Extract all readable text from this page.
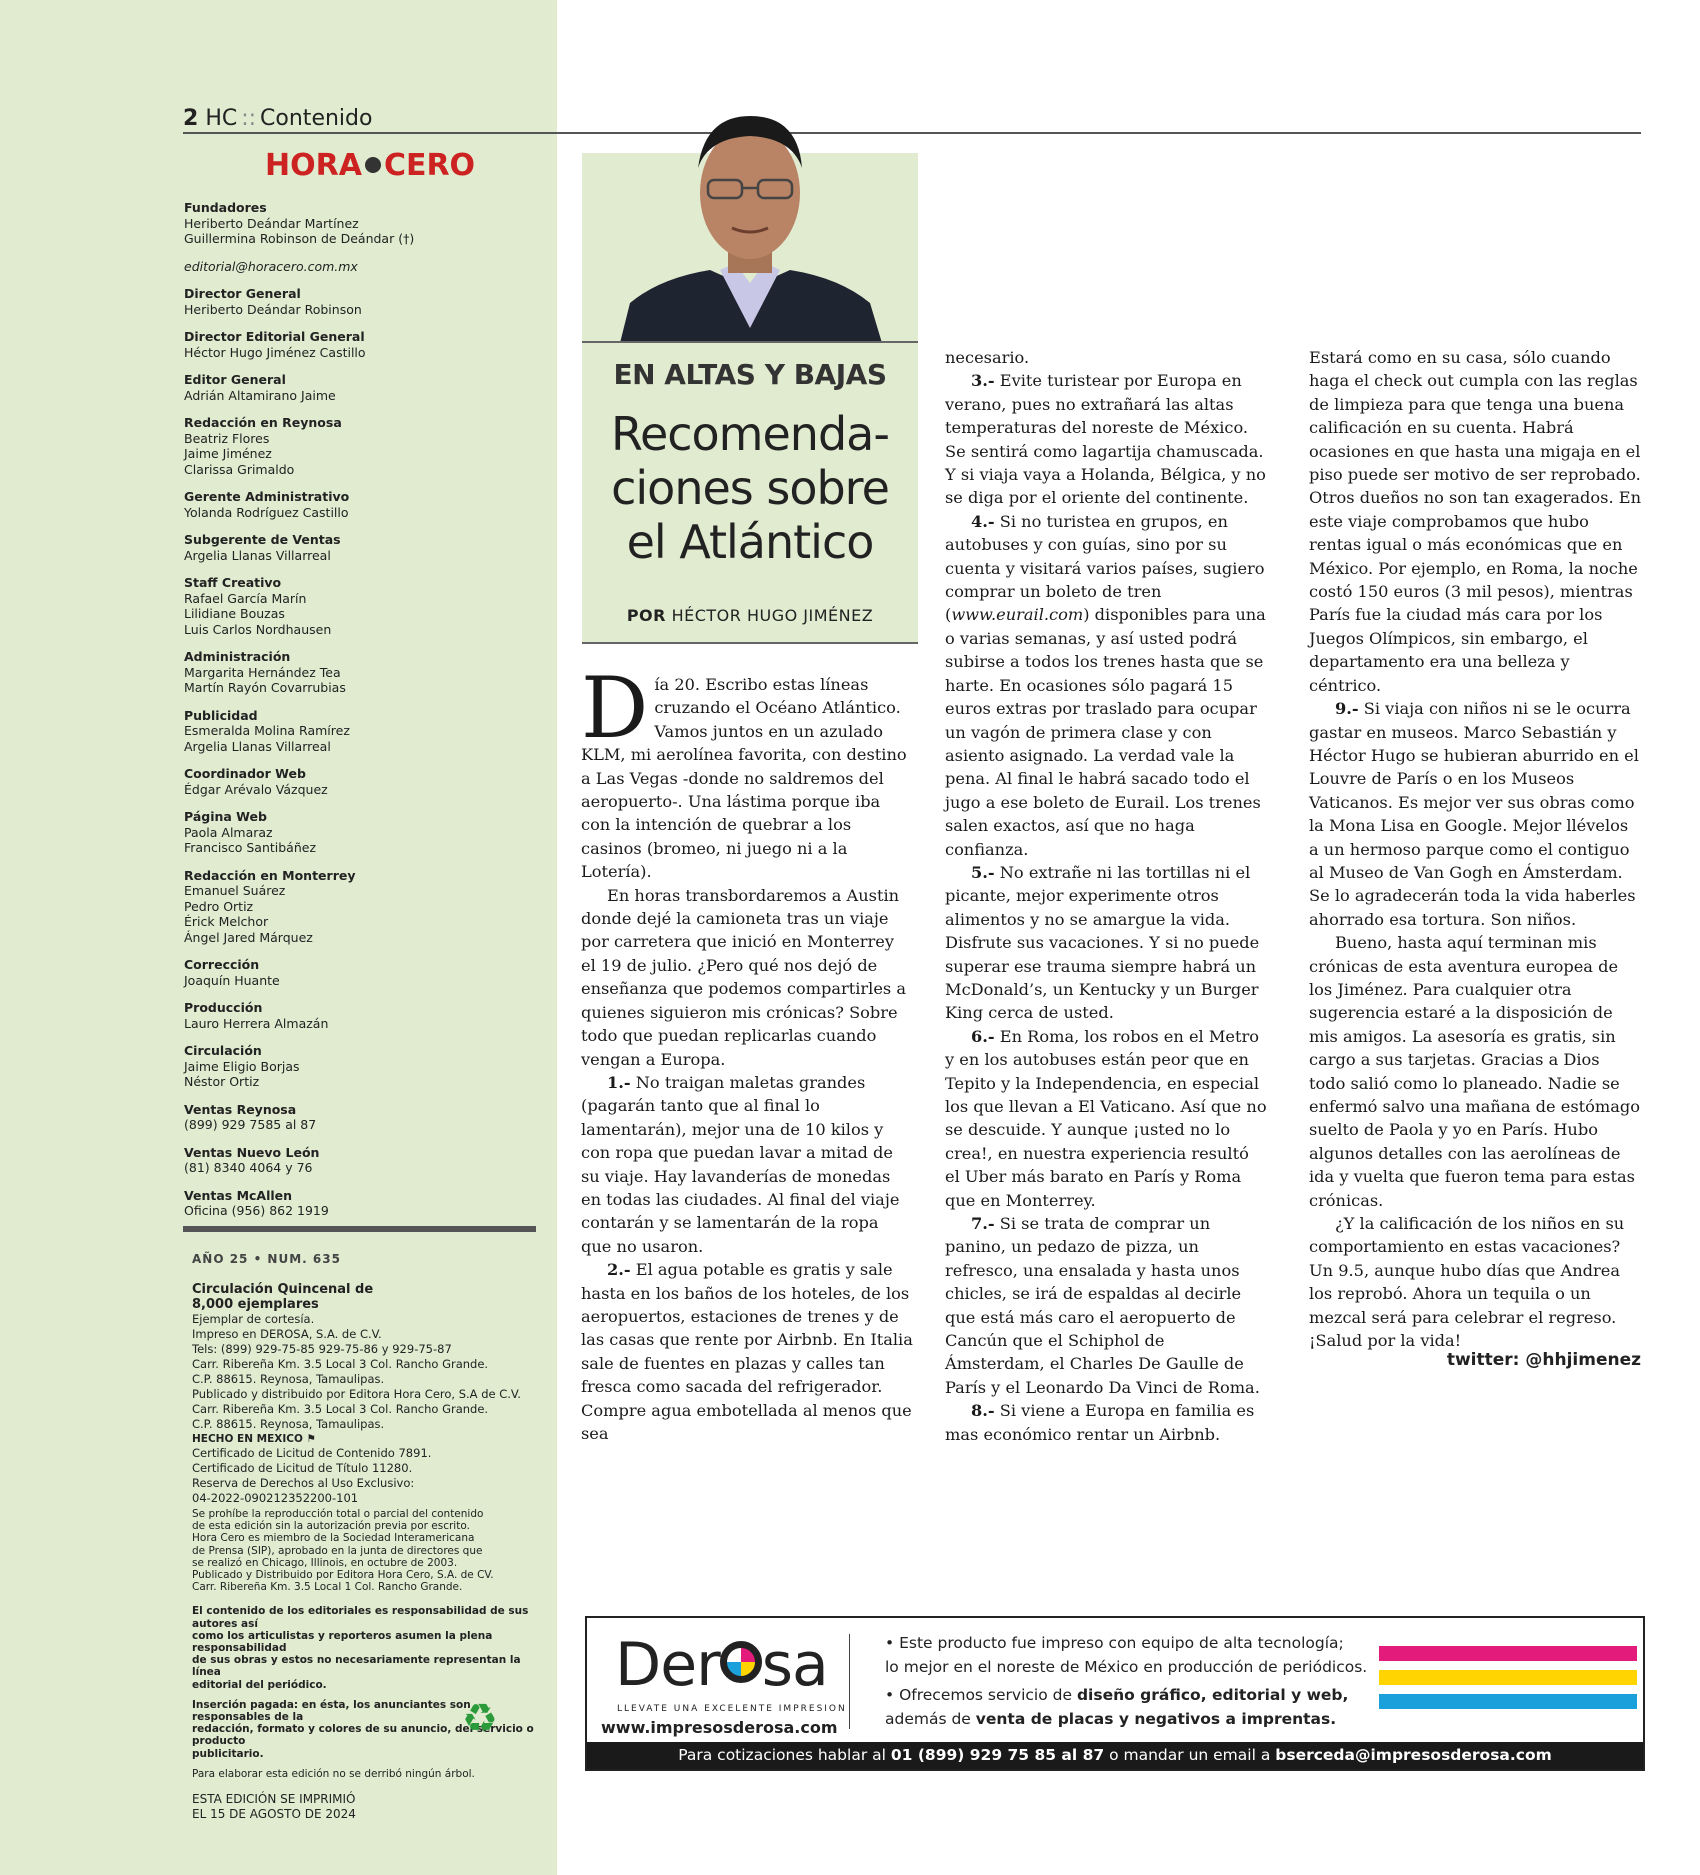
2 HC :: Contenido
HORA CERO
Fundadores
Heriberto Deándar Martínez
Guillermina Robinson de Deándar (†)
editorial@horacero.com.mx
Director General
Heriberto Deándar Robinson
Director Editorial General
Héctor Hugo Jiménez Castillo
Editor General
Adrián Altamirano Jaime
Redacción en Reynosa
Beatriz Flores
Jaime Jiménez
Clarissa Grimaldo
Gerente Administrativo
Yolanda Rodríguez Castillo
Subgerente de Ventas
Argelia Llanas Villarreal
Staff Creativo
Rafael García Marín
Lilidiane Bouzas
Luis Carlos Nordhausen
Administración
Margarita Hernández Tea
Martín Rayón Covarrubias
Publicidad
Esmeralda Molina Ramírez
Argelia Llanas Villarreal
Coordinador Web
Édgar Arévalo Vázquez
Página Web
Paola Almaraz
Francisco Santibáñez
Redacción en Monterrey
Emanuel Suárez
Pedro Ortiz
Érick Melchor
Ángel Jared Márquez
Corrección
Joaquín Huante
Producción
Lauro Herrera Almazán
Circulación
Jaime Eligio Borjas
Néstor Ortiz
Ventas Reynosa
(899) 929 7585 al 87
Ventas Nuevo León
(81) 8340 4064 y 76
Ventas McAllen
Oficina (956) 862 1919
AÑO 25 • NUM. 635
Circulación Quincenal de
8,000 ejemplares
Ejemplar de cortesía.
Impreso en DEROSA, S.A. de C.V.
Tels: (899) 929-75-85 929-75-86 y 929-75-87
Carr. Ribereña Km. 3.5 Local 3 Col. Rancho Grande.
C.P. 88615. Reynosa, Tamaulipas.
Publicado y distribuido por Editora Hora Cero, S.A de C.V.
Carr. Ribereña Km. 3.5 Local 3 Col. Rancho Grande.
C.P. 88615. Reynosa, Tamaulipas.
HECHO EN MEXICO ⚑
Certificado de Licitud de Contenido 7891.
Certificado de Licitud de Título 11280.
Reserva de Derechos al Uso Exclusivo:
04-2022-090212352200-101
Se prohíbe la reproducción total o parcial del contenido
de esta edición sin la autorización previa por escrito.
Hora Cero es miembro de la Sociedad Interamericana
de Prensa (SIP), aprobado en la junta de directores que
se realizó en Chicago, Illinois, en octubre de 2003.
Publicado y Distribuido por Editora Hora Cero, S.A. de CV.
Carr. Ribereña Km. 3.5 Local 1 Col. Rancho Grande.
El contenido de los editoriales es responsabilidad de sus autores así
como los articulistas y reporteros asumen la plena responsabilidad
de sus obras y estos no necesariamente representan la línea
editorial del periódico.
Inserción pagada: en ésta, los anunciantes son responsables de la
redacción, formato y colores de su anuncio, del servicio o producto
publicitario.
Para elaborar esta edición no se derribó ningún árbol.
ESTA EDICIÓN SE IMPRIMIÓ
EL 15 DE AGOSTO DE 2024
♻
EN ALTAS Y BAJAS
Recomenda-
ciones sobre
el Atlántico
POR HÉCTOR HUGO JIMÉNEZ

Día 20. Escribo estas líneas cruzando el Océano Atlántico. Vamos juntos en un azulado KLM, mi aerolínea favorita, con destino a Las Vegas -donde no saldremos del aeropuerto-. Una lástima porque iba con la intención de quebrar a los casinos (bromeo, ni juego ni a la Lotería).

En horas transbordaremos a Austin donde dejé la camioneta tras un viaje por carretera que inició en Monterrey el 19 de julio. ¿Pero qué nos dejó de enseñanza que podemos compartirles a quienes siguieron mis crónicas? Sobre todo que puedan replicarlas cuando vengan a Europa.

1.- No traigan maletas grandes (pagarán tanto que al final lo lamentarán), mejor una de 10 kilos y con ropa que puedan lavar a mitad de su viaje. Hay lavanderías de monedas en todas las ciudades. Al final del viaje contarán y se lamentarán de la ropa que no usaron.

2.- El agua potable es gratis y sale hasta en los baños de los hoteles, de los aeropuertos, estaciones de trenes y de las casas que rente por Airbnb. En Italia sale de fuentes en plazas y calles tan fresca como sacada del refrigerador. Compre agua embotellada al menos que sea

necesario.

3.- Evite turistear por Europa en verano, pues no extrañará las altas temperaturas del noreste de México. Se sentirá como lagartija chamuscada. Y si viaja vaya a Holanda, Bélgica, y no se diga por el oriente del continente.

4.- Si no turistea en grupos, en autobuses y con guías, sino por su cuenta y visitará varios países, sugiero comprar un boleto de tren (www.eurail.com) disponibles para una o varias semanas, y así usted podrá subirse a todos los trenes hasta que se harte. En ocasiones sólo pagará 15 euros extras por traslado para ocupar un vagón de primera clase y con asiento asignado. La verdad vale la pena. Al final le habrá sacado todo el jugo a ese boleto de Eurail. Los trenes salen exactos, así que no haga confianza.

5.- No extrañe ni las tortillas ni el picante, mejor experimente otros alimentos y no se amargue la vida. Disfrute sus vacaciones. Y si no puede superar ese trauma siempre habrá un McDonald’s, un Kentucky y un Burger King cerca de usted.

6.- En Roma, los robos en el Metro y en los autobuses están peor que en Tepito y la Independencia, en especial los que llevan a El Vaticano. Así que no se descuide. Y aunque ¡usted no lo crea!, en nuestra experiencia resultó el Uber más barato en París y Roma que en Monterrey.

7.- Si se trata de comprar un panino, un pedazo de pizza, un refresco, una ensalada y hasta unos chicles, se irá de espaldas al decirle que está más caro el aeropuerto de Cancún que el Schiphol de Ámsterdam, el Charles De Gaulle de París y el Leonardo Da Vinci de Roma.

8.- Si viene a Europa en familia es mas económico rentar un Airbnb.

Estará como en su casa, sólo cuando haga el check out cumpla con las reglas de limpieza para que tenga una buena calificación en su cuenta. Habrá ocasiones en que hasta una migaja en el piso puede ser motivo de ser reprobado. Otros dueños no son tan exagerados. En este viaje comprobamos que hubo rentas igual o más económicas que en México. Por ejemplo, en Roma, la noche costó 150 euros (3 mil pesos), mientras París fue la ciudad más cara por los Juegos Olímpicos, sin embargo, el departamento era una belleza y céntrico.

9.- Si viaja con niños ni se le ocurra gastar en museos. Marco Sebastián y Héctor Hugo se hubieran aburrido en el Louvre de París o en los Museos Vaticanos. Es mejor ver sus obras como la Mona Lisa en Google. Mejor llévelos a un hermoso parque como el contiguo al Museo de Van Gogh en Ámsterdam. Se lo agradecerán toda la vida haberles ahorrado esa tortura. Son niños.

Bueno, hasta aquí terminan mis crónicas de esta aventura europea de los Jiménez. Para cualquier otra sugerencia estaré a la disposición de mis amigos. La asesoría es gratis, sin cargo a sus tarjetas. Gracias a Dios todo salió como lo planeado. Nadie se enfermó salvo una mañana de estómago suelto de Paola y yo en París. Hubo algunos detalles con las aerolíneas de ida y vuelta que fueron tema para estas crónicas.

¿Y la calificación de los niños en su comportamiento en estas vacaciones? Un 9.5, aunque hubo días que Andrea los reprobó. Ahora un tequila o un mezcal será para celebrar el regreso. ¡Salud por la vida!

twitter: @hhjimenez
Der sa
LLEVATE UNA EXCELENTE IMPRESION
www.impresosderosa.com
• Este producto fue impreso con equipo de alta tecnología;
lo mejor en el noreste de México en producción de periódicos.
• Ofrecemos servicio de diseño gráfico, editorial y web,
además de venta de placas y negativos a imprentas.
Para cotizaciones hablar al 01 (899) 929 75 85 al 87 o mandar un email a bserceda@impresosderosa.com
